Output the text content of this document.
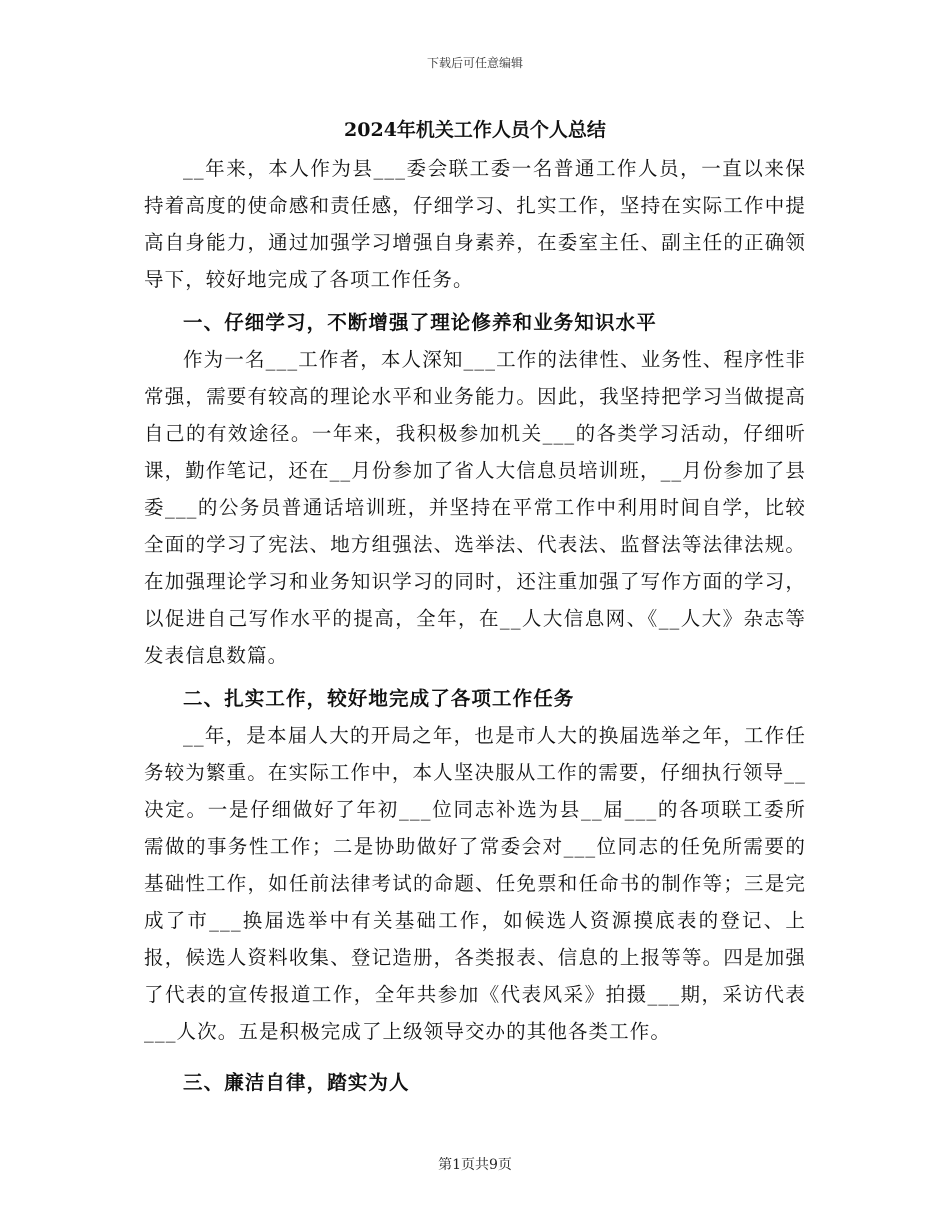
下载后可任意编辑
2024年机关工作人员个人总结

__年来，本人作为县___委会联工委一名普通工作人员，一直以来保持着高度的使命感和责任感，仔细学习、扎实工作，坚持在实际工作中提高自身能力，通过加强学习增强自身素养，在委室主任、副主任的正确领导下，较好地完成了各项工作任务。

一、仔细学习，不断增强了理论修养和业务知识水平

作为一名___工作者，本人深知___工作的法律性、业务性、程序性非常强，需要有较高的理论水平和业务能力。因此，我坚持把学习当做提高自己的有效途径。一年来，我积极参加机关___的各类学习活动，仔细听课，勤作笔记，还在__月份参加了省人大信息员培训班，__月份参加了县委___的公务员普通话培训班，并坚持在平常工作中利用时间自学，比较全面的学习了宪法、地方组强法、选举法、代表法、监督法等法律法规。在加强理论学习和业务知识学习的同时，还注重加强了写作方面的学习，以促进自己写作水平的提高，全年，在__人大信息网、《__人大》杂志等发表信息数篇。

二、扎实工作，较好地完成了各项工作任务

__年，是本届人大的开局之年，也是市人大的换届选举之年，工作任务较为繁重。在实际工作中，本人坚决服从工作的需要，仔细执行领导__决定。一是仔细做好了年初___位同志补选为县__届___的各项联工委所需做的事务性工作；二是协助做好了常委会对___位同志的任免所需要的基础性工作，如任前法律考试的命题、任免票和任命书的制作等；三是完成了市___换届选举中有关基础工作，如候选人资源摸底表的登记、上报，候选人资料收集、登记造册，各类报表、信息的上报等等。四是加强了代表的宣传报道工作，全年共参加《代表风采》拍摄___期，采访代表___人次。五是积极完成了上级领导交办的其他各类工作。

三、廉洁自律，踏实为人

第1页共9页
